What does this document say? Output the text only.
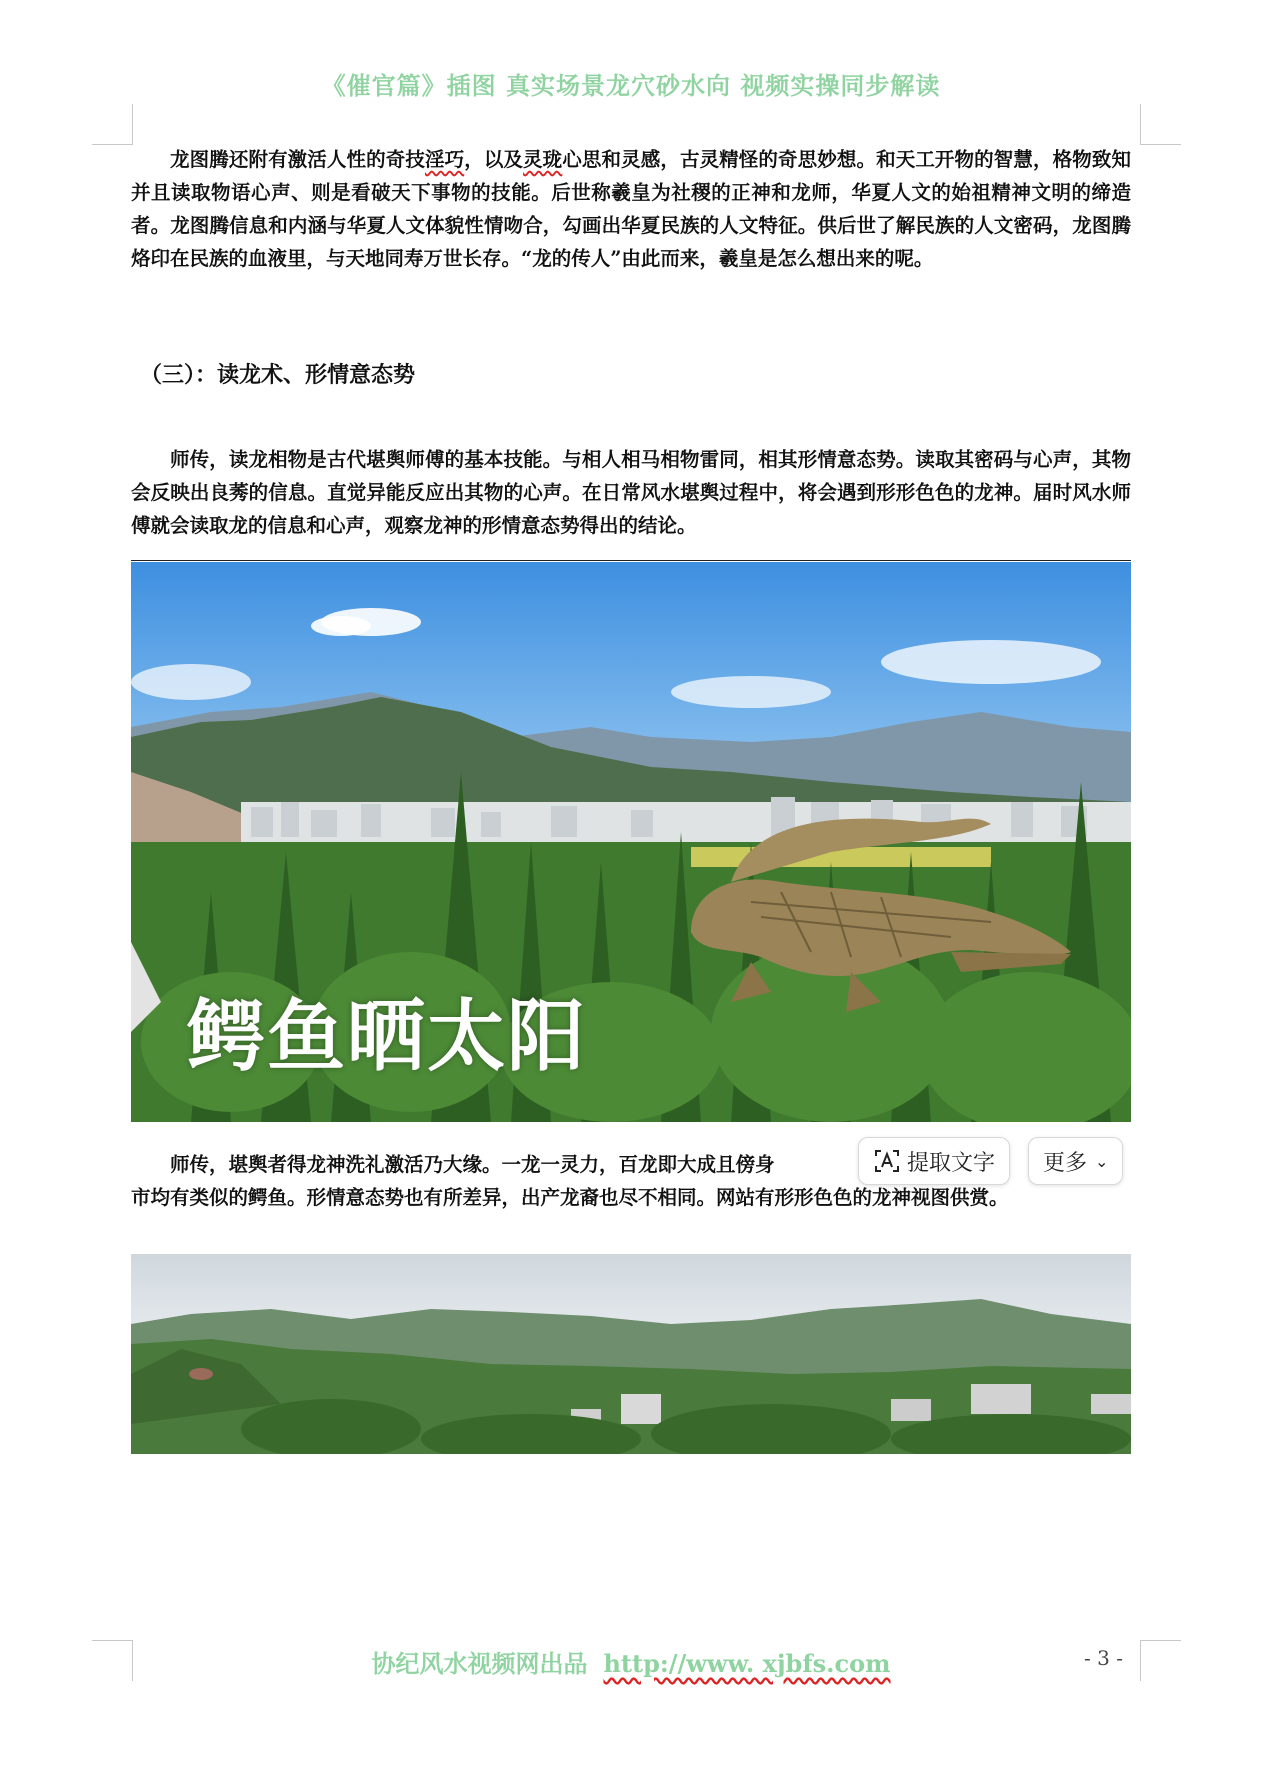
《催官篇》插图 真实场景龙穴砂水向 视频实操同步解读

龙图腾还附有激活人性的奇技淫巧，以及灵珑心思和灵感，古灵精怪的奇思妙想。和天工开物的智慧，格物致知并且读取物语心声、则是看破天下事物的技能。后世称羲皇为社稷的正神和龙师，华夏人文的始祖精神文明的缔造者。龙图腾信息和内涵与华夏人文体貌性情吻合，勾画出华夏民族的人文特征。供后世了解民族的人文密码，龙图腾烙印在民族的血液里，与天地同寿万世长存。“龙的传人”由此而来，羲皇是怎么想出来的呢。

（三）：读龙术、形情意态势

师传，读龙相物是古代堪舆师傅的基本技能。与相人相马相物雷同，相其形情意态势。读取其密码与心声，其物会反映出良莠的信息。直觉异能反应出其物的心声。在日常风水堪舆过程中，将会遇到形形色色的龙神。届时风水师傅就会读取龙的信息和心声，观察龙神的形情意态势得出的结论。

鳄鱼晒太阳

师传，堪舆者得龙神洗礼激活乃大缘。一龙一灵力，百龙即大成且傍身
市均有类似的鳄鱼。形情意态势也有所差异，出产龙裔也尽不相同。网站有形形色色的龙神视图供赏。

提取文字 更多 ⌄
协纪风水视频网出品 http://www. xjbfs.com	- 3 -
